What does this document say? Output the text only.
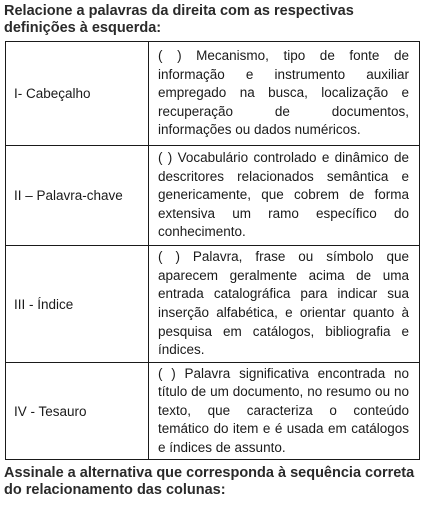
Relacione a palavras da direita com as respectivas definições à esquerda:

I- Cabeçalho	( ) Mecanismo, tipo de fonte de informação e instrumento auxiliar empregado na busca, localização e recuperação de documentos, informações ou dados numéricos.

II – Palavra-chave	( ) Vocabulário controlado e dinâmico de descritores relacionados semântica e genericamente, que cobrem de forma extensiva um ramo específico do conhecimento.

III - Índice	( ) Palavra, frase ou símbolo que aparecem geralmente acima de uma entrada catalográfica para indicar sua inserção alfabética, e orientar quanto à pesquisa em catálogos, bibliografia e índices.

IV - Tesauro	( ) Palavra significativa encontrada no título de um documento, no resumo ou no texto, que caracteriza o conteúdo temático do item e é usada em catálogos e índices de assunto.

Assinale a alternativa que corresponda à sequência correta do relacionamento das colunas:
